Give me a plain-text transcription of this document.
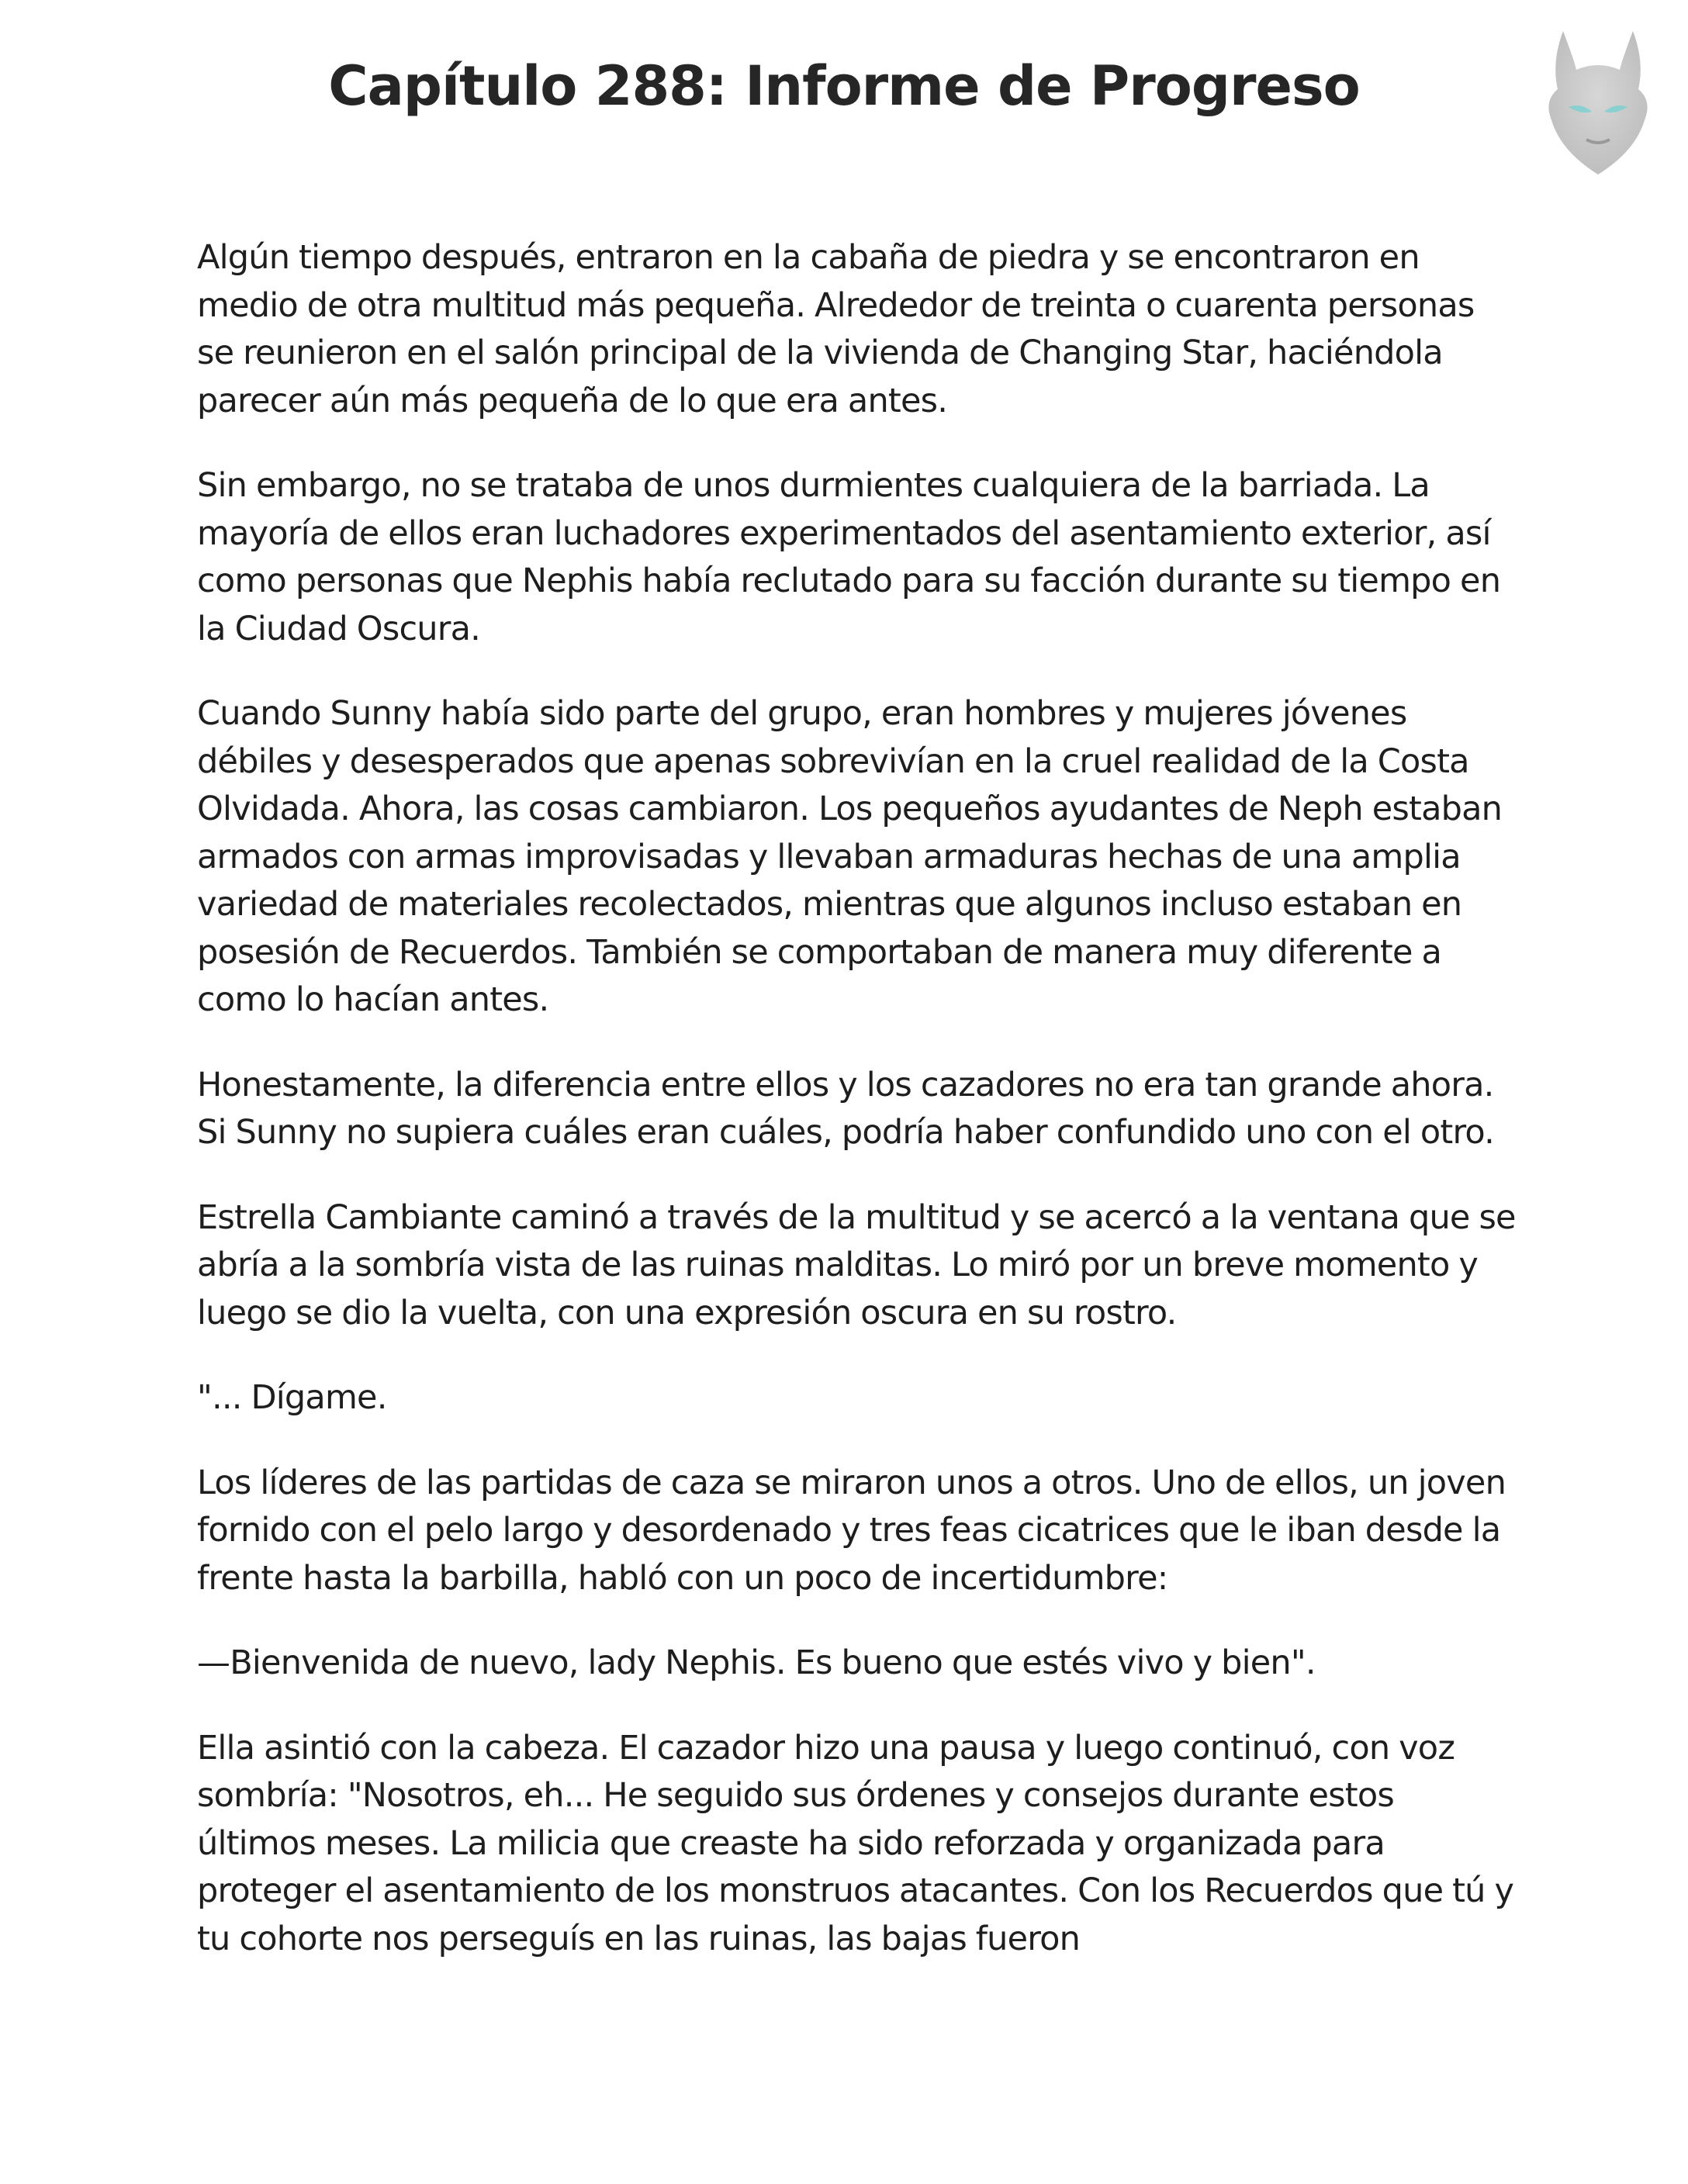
Capítulo 288: Informe de Progreso

Algún tiempo después, entraron en la cabaña de piedra y se encontraron en medio de otra multitud más pequeña. Alrededor de treinta o cuarenta personas se reunieron en el salón principal de la vivienda de Changing Star, haciéndola parecer aún más pequeña de lo que era antes.

Sin embargo, no se trataba de unos durmientes cualquiera de la barriada. La mayoría de ellos eran luchadores experimentados del asentamiento exterior, así como personas que Nephis había reclutado para su facción durante su tiempo en la Ciudad Oscura.

Cuando Sunny había sido parte del grupo, eran hombres y mujeres jóvenes débiles y desesperados que apenas sobrevivían en la cruel realidad de la Costa Olvidada. Ahora, las cosas cambiaron. Los pequeños ayudantes de Neph estaban armados con armas improvisadas y llevaban armaduras hechas de una amplia variedad de materiales recolectados, mientras que algunos incluso estaban en posesión de Recuerdos. También se comportaban de manera muy diferente a como lo hacían antes.

Honestamente, la diferencia entre ellos y los cazadores no era tan grande ahora. Si Sunny no supiera cuáles eran cuáles, podría haber confundido uno con el otro.

Estrella Cambiante caminó a través de la multitud y se acercó a la ventana que se abría a la sombría vista de las ruinas malditas. Lo miró por un breve momento y luego se dio la vuelta, con una expresión oscura en su rostro.

"... Dígame.

Los líderes de las partidas de caza se miraron unos a otros. Uno de ellos, un joven fornido con el pelo largo y desordenado y tres feas cicatrices que le iban desde la frente hasta la barbilla, habló con un poco de incertidumbre:

—Bienvenida de nuevo, lady Nephis. Es bueno que estés vivo y bien".

Ella asintió con la cabeza. El cazador hizo una pausa y luego continuó, con voz sombría: "Nosotros, eh... He seguido sus órdenes y consejos durante estos últimos meses. La milicia que creaste ha sido reforzada y organizada para proteger el asentamiento de los monstruos atacantes. Con los Recuerdos que tú y tu cohorte nos perseguís en las ruinas, las bajas fueron
